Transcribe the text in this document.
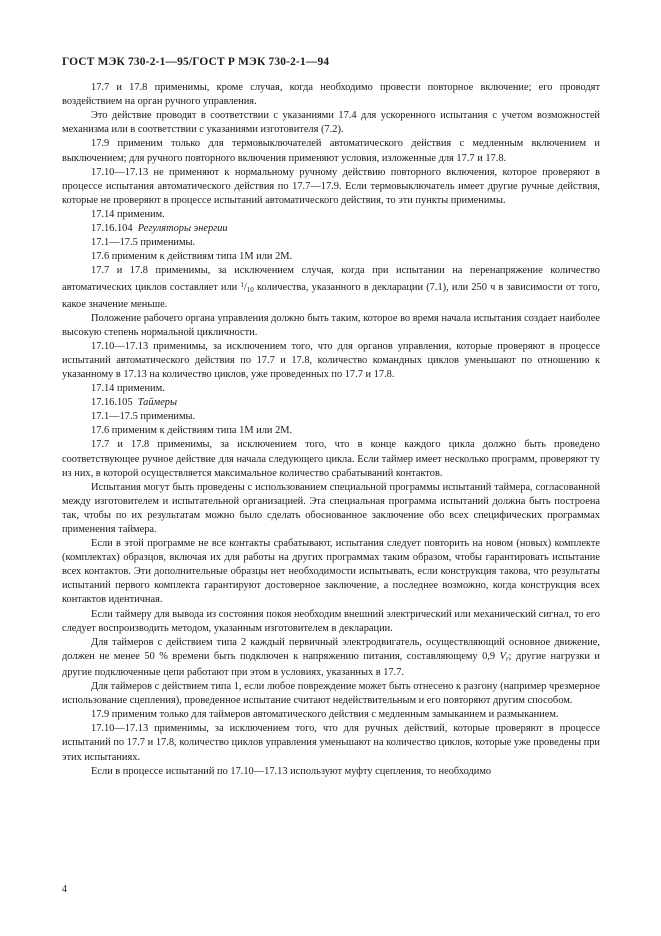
ГОСТ МЭК 730-2-1—95/ГОСТ Р МЭК 730-2-1—94

17.7 и 17.8 применимы, кроме случая, когда необходимо провести повторное включение; его проводят воздействием на орган ручного управления.

Это действие проводят в соответствии с указаниями 17.4 для ускоренного испытания с учетом возможностей механизма или в соответствии с указаниями изготовителя (7.2).

17.9 применим только для термовыключателей автоматического действия с медленным включением и выключением; для ручного повторного включения применяют условия, изложенные для 17.7 и 17.8.

17.10—17.13 не применяют к нормальному ручному действию повторного включения, которое проверяют в процессе испытания автоматического действия по 17.7—17.9. Если термовыключатель имеет другие ручные действия, которые не проверяют в процессе испытаний автоматического действия, то эти пункты применимы.

17.14 применим.

17.16.104 Регуляторы энергии

17.1—17.5 применимы.

17.6 применим к действиям типа 1М или 2М.

17.7 и 17.8 применимы, за исключением случая, когда при испытании на перенапряжение количество автоматических циклов составляет или $^1/_{10}$ количества, указанного в декларации (7.1), или 250 ч в зависимости от того, какое значение меньше.

Положение рабочего органа управления должно быть таким, которое во время начала испытания создает наиболее высокую степень нормальной цикличности.

17.10—17.13 применимы, за исключением того, что для органов управления, которые проверяют в процессе испытаний автоматического действия по 17.7 и 17.8, количество командных циклов уменьшают по отношению к указанному в 17.13 на количество циклов, уже проведенных по 17.7 и 17.8.

17.14 применим.

17.16.105 Таймеры

17.1—17.5 применимы.

17.6 применим к действиям типа 1М или 2М.

17.7 и 17.8 применимы, за исключением того, что в конце каждого цикла должно быть проведено соответствующее ручное действие для начала следующего цикла. Если таймер имеет несколько программ, проверяют ту из них, в которой осуществляется максимальное количество срабатываний контактов.

Испытания могут быть проведены с использованием специальной программы испытаний таймера, согласованной между изготовителем и испытательной организацией. Эта специальная программа испытаний должна быть построена так, чтобы по их результатам можно было сделать обоснованное заключение обо всех специфических программах применения таймера.

Если в этой программе не все контакты срабатывают, испытания следует повторить на новом (новых) комплекте (комплектах) образцов, включая их для работы на других программах таким образом, чтобы гарантировать испытание всех контактов. Эти дополнительные образцы нет необходимости испытывать, если конструкция такова, что результаты испытаний первого комплекта гарантируют достоверное заключение, а последнее возможно, когда конструкция всех контактов идентичная.

Если таймеру для вывода из состояния покоя необходим внешний электрический или механический сигнал, то его следует воспроизводить методом, указанным изготовителем в декларации.

Для таймеров с действием типа 2 каждый первичный электродвигатель, осуществляющий основное движение, должен не менее 50 % времени быть подключен к напряжению питания, составляющему 0,9 $V_r$; другие нагрузки и другие подключенные цепи работают при этом в условиях, указанных в 17.7.

Для таймеров с действием типа 1, если любое повреждение может быть отнесено к разгону (например чрезмерное использование сцепления), проведенное испытание считают недействительным и его повторяют другим способом.

17.9 применим только для таймеров автоматического действия с медленным замыканием и размыканием.

17.10—17.13 применимы, за исключением того, что для ручных действий, которые проверяют в процессе испытаний по 17.7 и 17.8, количество циклов управления уменьшают на количество циклов, которые уже проведены при этих испытаниях.

Если в процессе испытаний по 17.10—17.13 используют муфту сцепления, то необходимо

4
